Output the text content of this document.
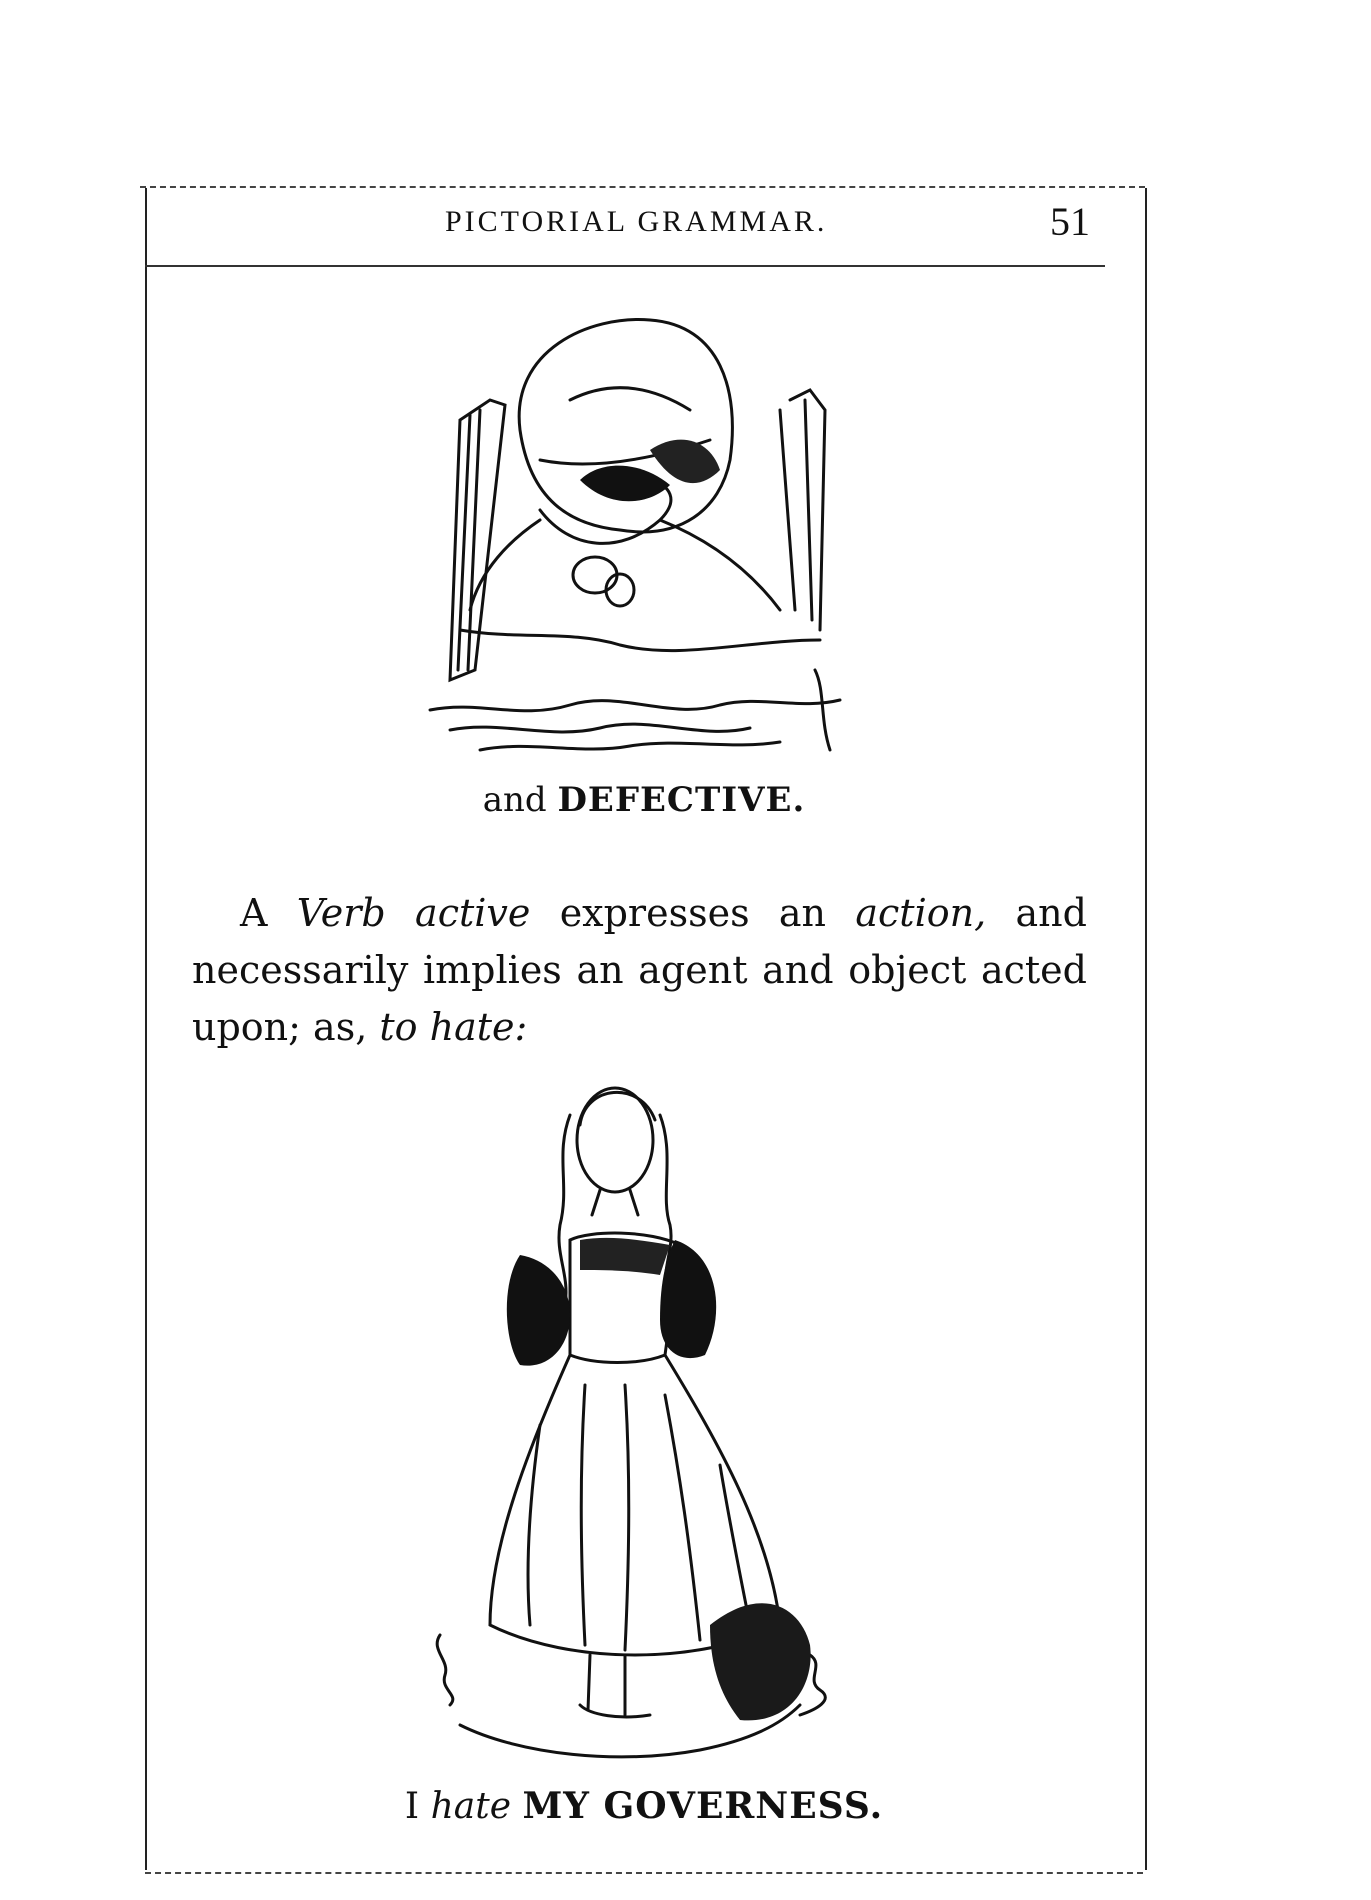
PICTORIAL GRAMMAR.	51
and DEFECTIVE.
A Verb active expresses an action, and necessarily implies an agent and object acted upon; as, to hate:
I hate MY GOVERNESS.
